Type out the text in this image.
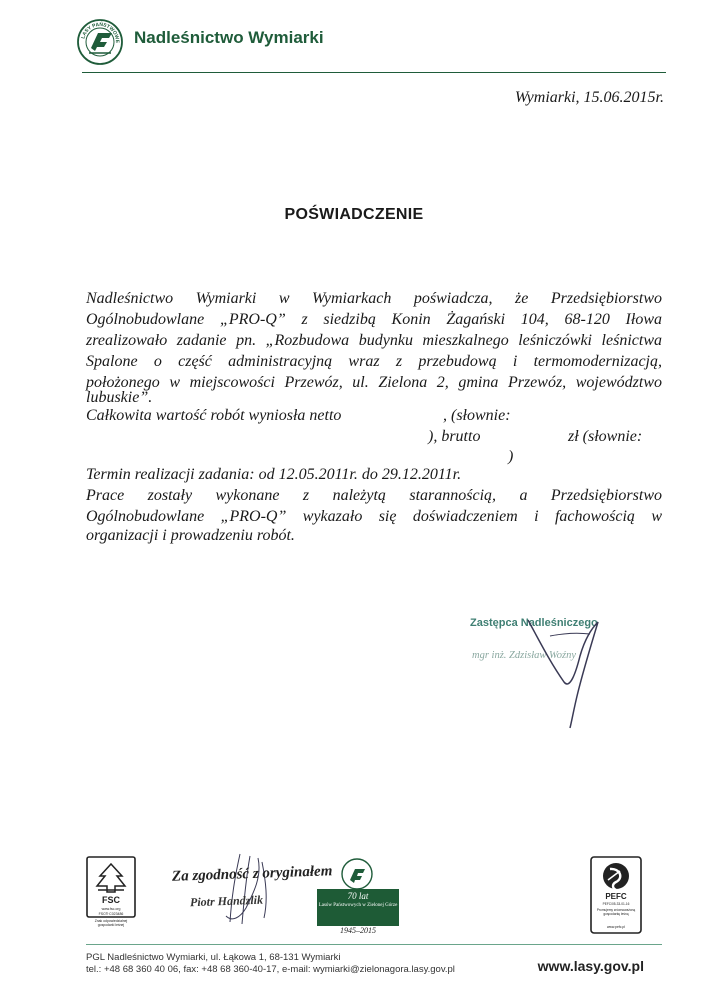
LASY PAŃSTWOWE Nadleśnictwo Wymiarki
Wymiarki, 15.06.2015r.
POŚWIADCZENIE
Nadleśnictwo Wymiarki w Wymiarkach poświadcza, że Przedsiębiorstwo
Ogólnobudowlane „PRO-Q” z siedzibą Konin Żagański 104, 68-120 Iłowa
zrealizowało zadanie pn. „Rozbudowa budynku mieszkalnego leśniczówki leśnictwa
Spalone o część administracyjną wraz z przebudową i termomodernizacją,
położonego w miejscowości Przewóz, ul. Zielona 2, gmina Przewóz, województwo
lubuskie”.
Całkowita wartość robót wyniosła netto	, (słownie:
), brutto	zł (słownie:
)
Termin realizacji zadania: od 12.05.2011r. do 29.12.2011r.
Prace zostały wykonane z należytą starannością, a Przedsiębiorstwo
Ogólnobudowlane „PRO-Q” wykazało się doświadczeniem i fachowością w
organizacji i prowadzeniu robót.
Zastępca Nadleśniczego
mgr inż. Zdzisław Woźny
FSC
www.fsc.org
FSC® C023486
Znak odpowiedzialnej gospodarki leśnej
Za zgodność z oryginałem
Piotr Handzlik	70 lat
Lasów Państwowych w Zielonej Górze
1945–2015
PEFC
PEFC/05-33-01-16
Promujemy zrównoważoną gospodarkę leśną
www.pefc.pl
PGL Nadleśnictwo Wymiarki, ul. Łąkowa 1, 68-131 Wymiarki
tel.: +48 68 360 40 06, fax: +48 68 360-40-17, e-mail: wymiarki@zielonagora.lasy.gov.pl	www.lasy.gov.pl
